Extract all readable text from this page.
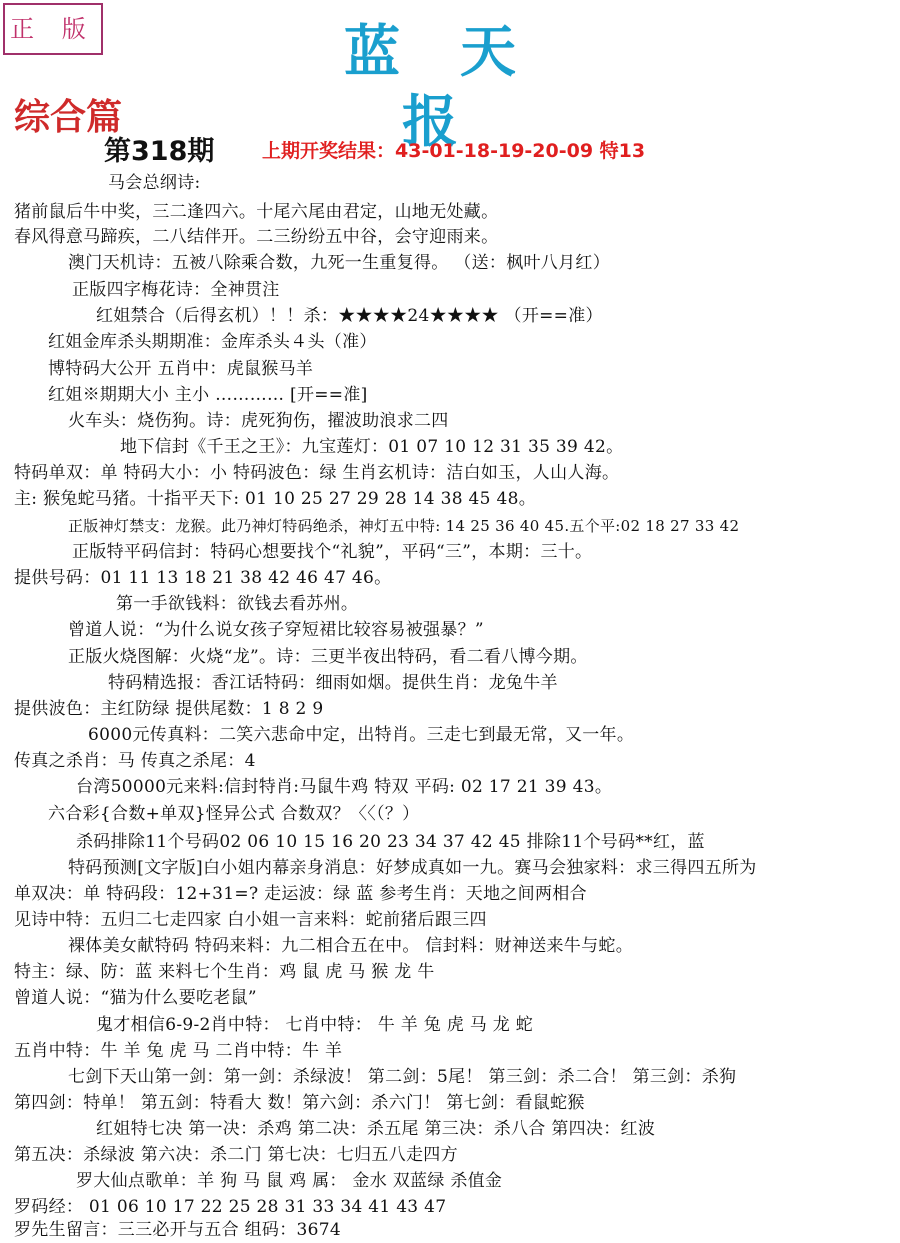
正 版	蓝天报
综合篇
第318期	上期开奖结果：43-01-18-19-20-09 特13
马会总纲诗:
猪前鼠后牛中奖，三二逢四六。十尾六尾由君定，山地无处藏。
春风得意马蹄疾，二八结伴开。二三纷纷五中谷，会守迎雨来。
澳门天机诗：五被八除乘合数，九死一生重复得。 （送：枫叶八月红）
正版四字梅花诗：全神贯注
红姐禁合（后得玄机）！！杀：★★★★24★★★★ （开==准）
红姐金库杀头期期准：金库杀头４头（准）
博特码大公开 五肖中：虎鼠猴马羊
红姐※期期大小 主小 ………… [开==准]
火车头：烧伤狗。诗：虎死狗伤，擢波助浪求二四
地下信封《千王之王》：九宝莲灯：01 07 10 12 31 35 39 42。
特码单双：单 特码大小：小 特码波色：绿 生肖玄机诗：洁白如玉，人山人海。
主: 猴兔蛇马猪。十指平天下: 01 10 25 27 29 28 14 38 45 48。
正版神灯禁支：龙猴。此乃神灯特码绝杀，神灯五中特: 14 25 36 40 45.五个平:02 18 27 33 42
正版特平码信封：特码心想要找个“礼貌”，平码“三”，本期：三十。
提供号码：01 11 13 18 21 38 42 46 47 46。
第一手欲钱料：欲钱去看苏州。
曾道人说：“为什么说女孩子穿短裙比较容易被强暴？”
正版火烧图解：火烧“龙”。诗：三更半夜出特码，看二看八博今期。
特码精选报：香江话特码：细雨如烟。提供生肖：龙兔牛羊
提供波色：主红防绿 提供尾数：1 8 2 9
6000元传真料：二笑六悲命中定，出特肖。三走七到最无常，又一年。
传真之杀肖：马 传真之杀尾：4
台湾50000元来料:信封特肖:马鼠牛鸡 特双 平码: 02 17 21 39 43。
六合彩{合数+单双}怪异公式 合数双？〈〈（？）
杀码排除11个号码02 06 10 15 16 20 23 34 37 42 45 排除11个号码**红，蓝
特码预测[文字版]白小姐内幕亲身消息：好梦成真如一九。赛马会独家料：求三得四五所为
单双决：单 特码段：12+31=? 走运波：绿 蓝 参考生肖：天地之间两相合
见诗中特：五归二七走四家 白小姐一言来料：蛇前猪后跟三四
裸体美女献特码 特码来料：九二相合五在中。 信封料：财神送来牛与蛇。
特主：绿、防：蓝 来料七个生肖：鸡 鼠 虎 马 猴 龙 牛
曾道人说：“猫为什么要吃老鼠”
鬼才相信6-9-2肖中特： 七肖中特： 牛 羊 兔 虎 马 龙 蛇
五肖中特：牛 羊 兔 虎 马 二肖中特：牛 羊
七剑下天山第一剑：第一剑：杀绿波！ 第二剑：5尾！ 第三剑：杀二合！ 第三剑：杀狗
第四剑：特单！ 第五剑：特看大 数！第六剑：杀六门！ 第七剑：看鼠蛇猴
红姐特七决 第一决：杀鸡 第二决：杀五尾 第三决：杀八合 第四决：红波
第五决：杀绿波 第六决：杀二门 第七决：七归五八走四方
罗大仙点歌单：羊 狗 马 鼠 鸡 属： 金水 双蓝绿 杀值金
罗码经： 01 06 10 17 22 25 28 31 33 34 41 43 47
罗先生留言：三三必开与五合 组码：3674
